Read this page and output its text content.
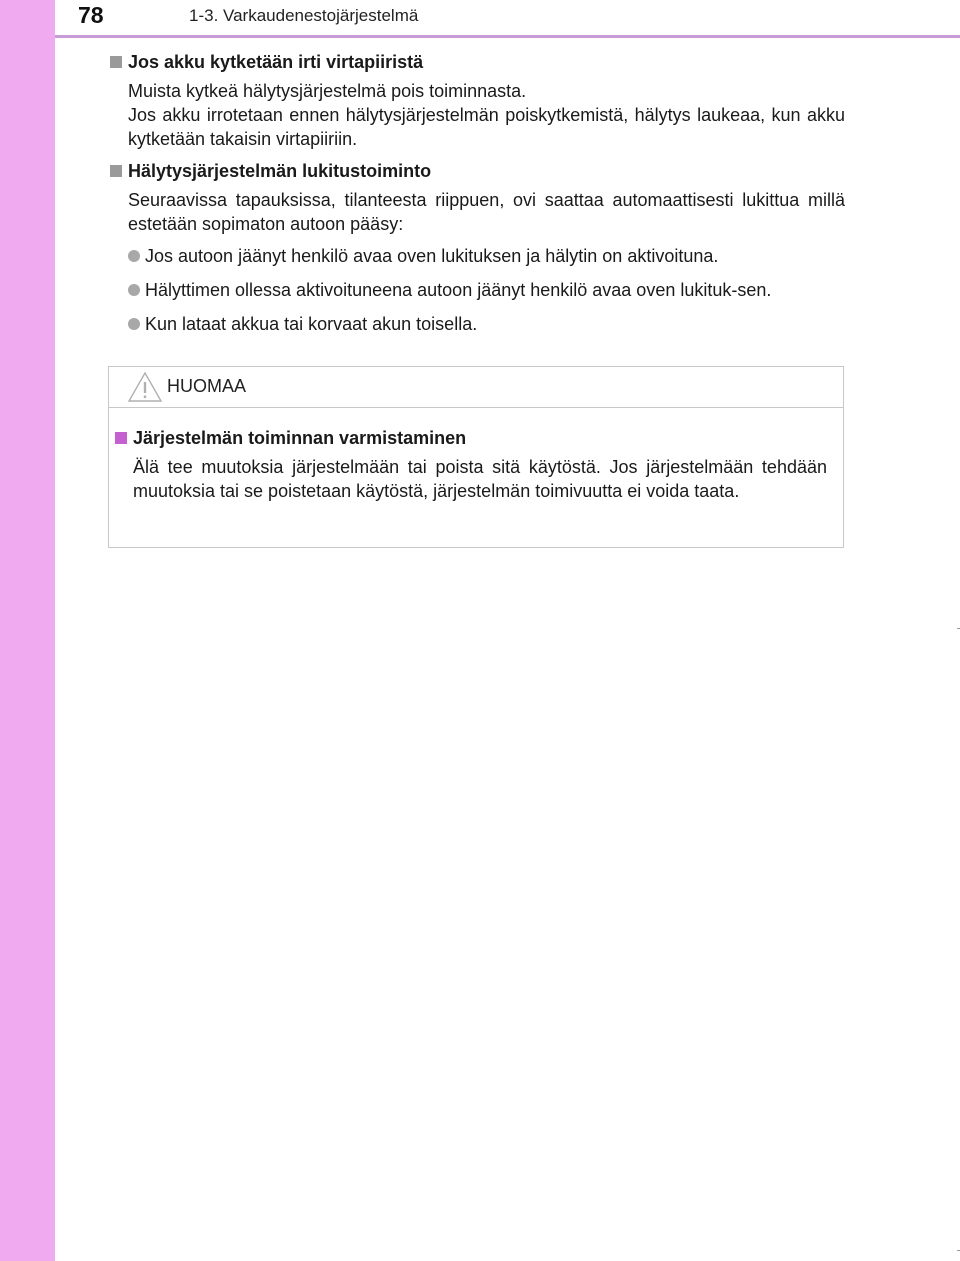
78	1-3. Varkaudenestojärjestelmä
Jos akku kytketään irti virtapiiristä

Muista kytkeä hälytysjärjestelmä pois toiminnasta.

Jos akku irrotetaan ennen hälytysjärjestelmän poiskytkemistä, hälytys laukeaa, kun akku kytketään takaisin virtapiiriin.

Hälytysjärjestelmän lukitustoiminto

Seuraavissa tapauksissa, tilanteesta riippuen, ovi saattaa automaattisesti lukittua millä estetään sopimaton autoon pääsy:

Jos autoon jäänyt henkilö avaa oven lukituksen ja hälytin on aktivoituna.
Hälyttimen ollessa aktivoituneena autoon jäänyt henkilö avaa oven lukituk-sen.
Kun lataat akkua tai korvaat akun toisella.
HUOMAA
Järjestelmän toiminnan varmistaminen

Älä tee muutoksia järjestelmään tai poista sitä käytöstä. Jos järjestelmään tehdään muutoksia tai se poistetaan käytöstä, järjestelmän toimivuutta ei voida taata.
